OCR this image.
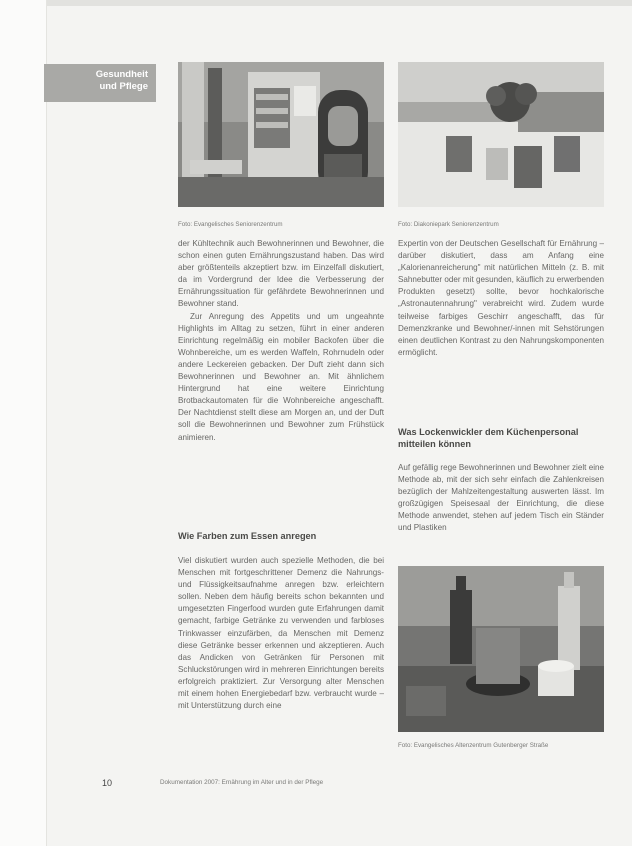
Gesundheit
und Pflege
Foto: Evangelisches Seniorenzentrum	Foto: Diakoniepark Seniorenzentrum

der Kühltechnik auch Bewohnerinnen und Bewohner, die schon einen guten Ernährungszustand haben. Das wird aber größtenteils akzeptiert bzw. im Einzelfall diskutiert, da im Vordergrund der Idee die Verbesserung der Ernährungssituation für gefährdete Bewohnerinnen und Bewohner stand.

Zur Anregung des Appetits und um ungeahnte Highlights im Alltag zu setzen, führt in einer anderen Einrichtung regelmäßig ein mobiler Backofen über die Wohnbereiche, um es werden Waffeln, Rohrnudeln oder andere Leckereien gebacken. Der Duft zieht dann sich Bewohnerinnen und Bewohner an. Mit ähnlichem Hintergrund hat eine weitere Einrichtung Brotbackautomaten für die Wohnbereiche angeschafft. Der Nachtdienst stellt diese am Morgen an, und der Duft soll die Bewohnerinnen und Bewohner zum Frühstück animieren.

Wie Farben zum Essen anregen

Viel diskutiert wurden auch spezielle Methoden, die bei Menschen mit fortgeschrittener Demenz die Nahrungs- und Flüssigkeitsaufnahme anregen bzw. erleichtern sollen. Neben dem häufig bereits schon bekannten und umgesetzten Fingerfood wurden gute Erfahrungen damit gemacht, farbige Getränke zu verwenden und farbloses Trinkwasser einzufärben, da Menschen mit Demenz diese Getränke besser erkennen und akzeptieren. Auch das Andicken von Getränken für Personen mit Schluckstörungen wird in mehreren Einrichtungen bereits erfolgreich praktiziert. Zur Versorgung alter Menschen mit einem hohen Energiebedarf bzw. verbraucht wurde – mit Unterstützung durch eine

Expertin von der Deutschen Gesellschaft für Ernährung – darüber diskutiert, dass am Anfang eine „Kalorienanreicherung" mit natürlichen Mitteln (z. B. mit Sahnebutter oder mit gesunden, käuflich zu erwerbenden Produkten gesetzt) sollte, bevor hochkalorische „Astronautennahrung" verabreicht wird. Zudem wurde teilweise farbiges Geschirr angeschafft, das für Demenzkranke und Bewohner/-innen mit Sehstörungen einen deutlichen Kontrast zu den Nahrungskomponenten ermöglicht.

Was Lockenwickler dem Küchenpersonal
mitteilen können

Auf gefällig rege Bewohnerinnen und Bewohner zielt eine Methode ab, mit der sich sehr einfach die Zahlenkreisen bezüglich der Mahlzeitengestaltung auswerten lässt. Im großzügigen Speisesaal der Einrichtung, die diese Methode anwendet, stehen auf jedem Tisch ein Ständer und Plastiken

Foto: Evangelisches Altenzentrum Gutenberger Straße
10	Dokumentation 2007: Ernährung im Alter und in der Pflege
